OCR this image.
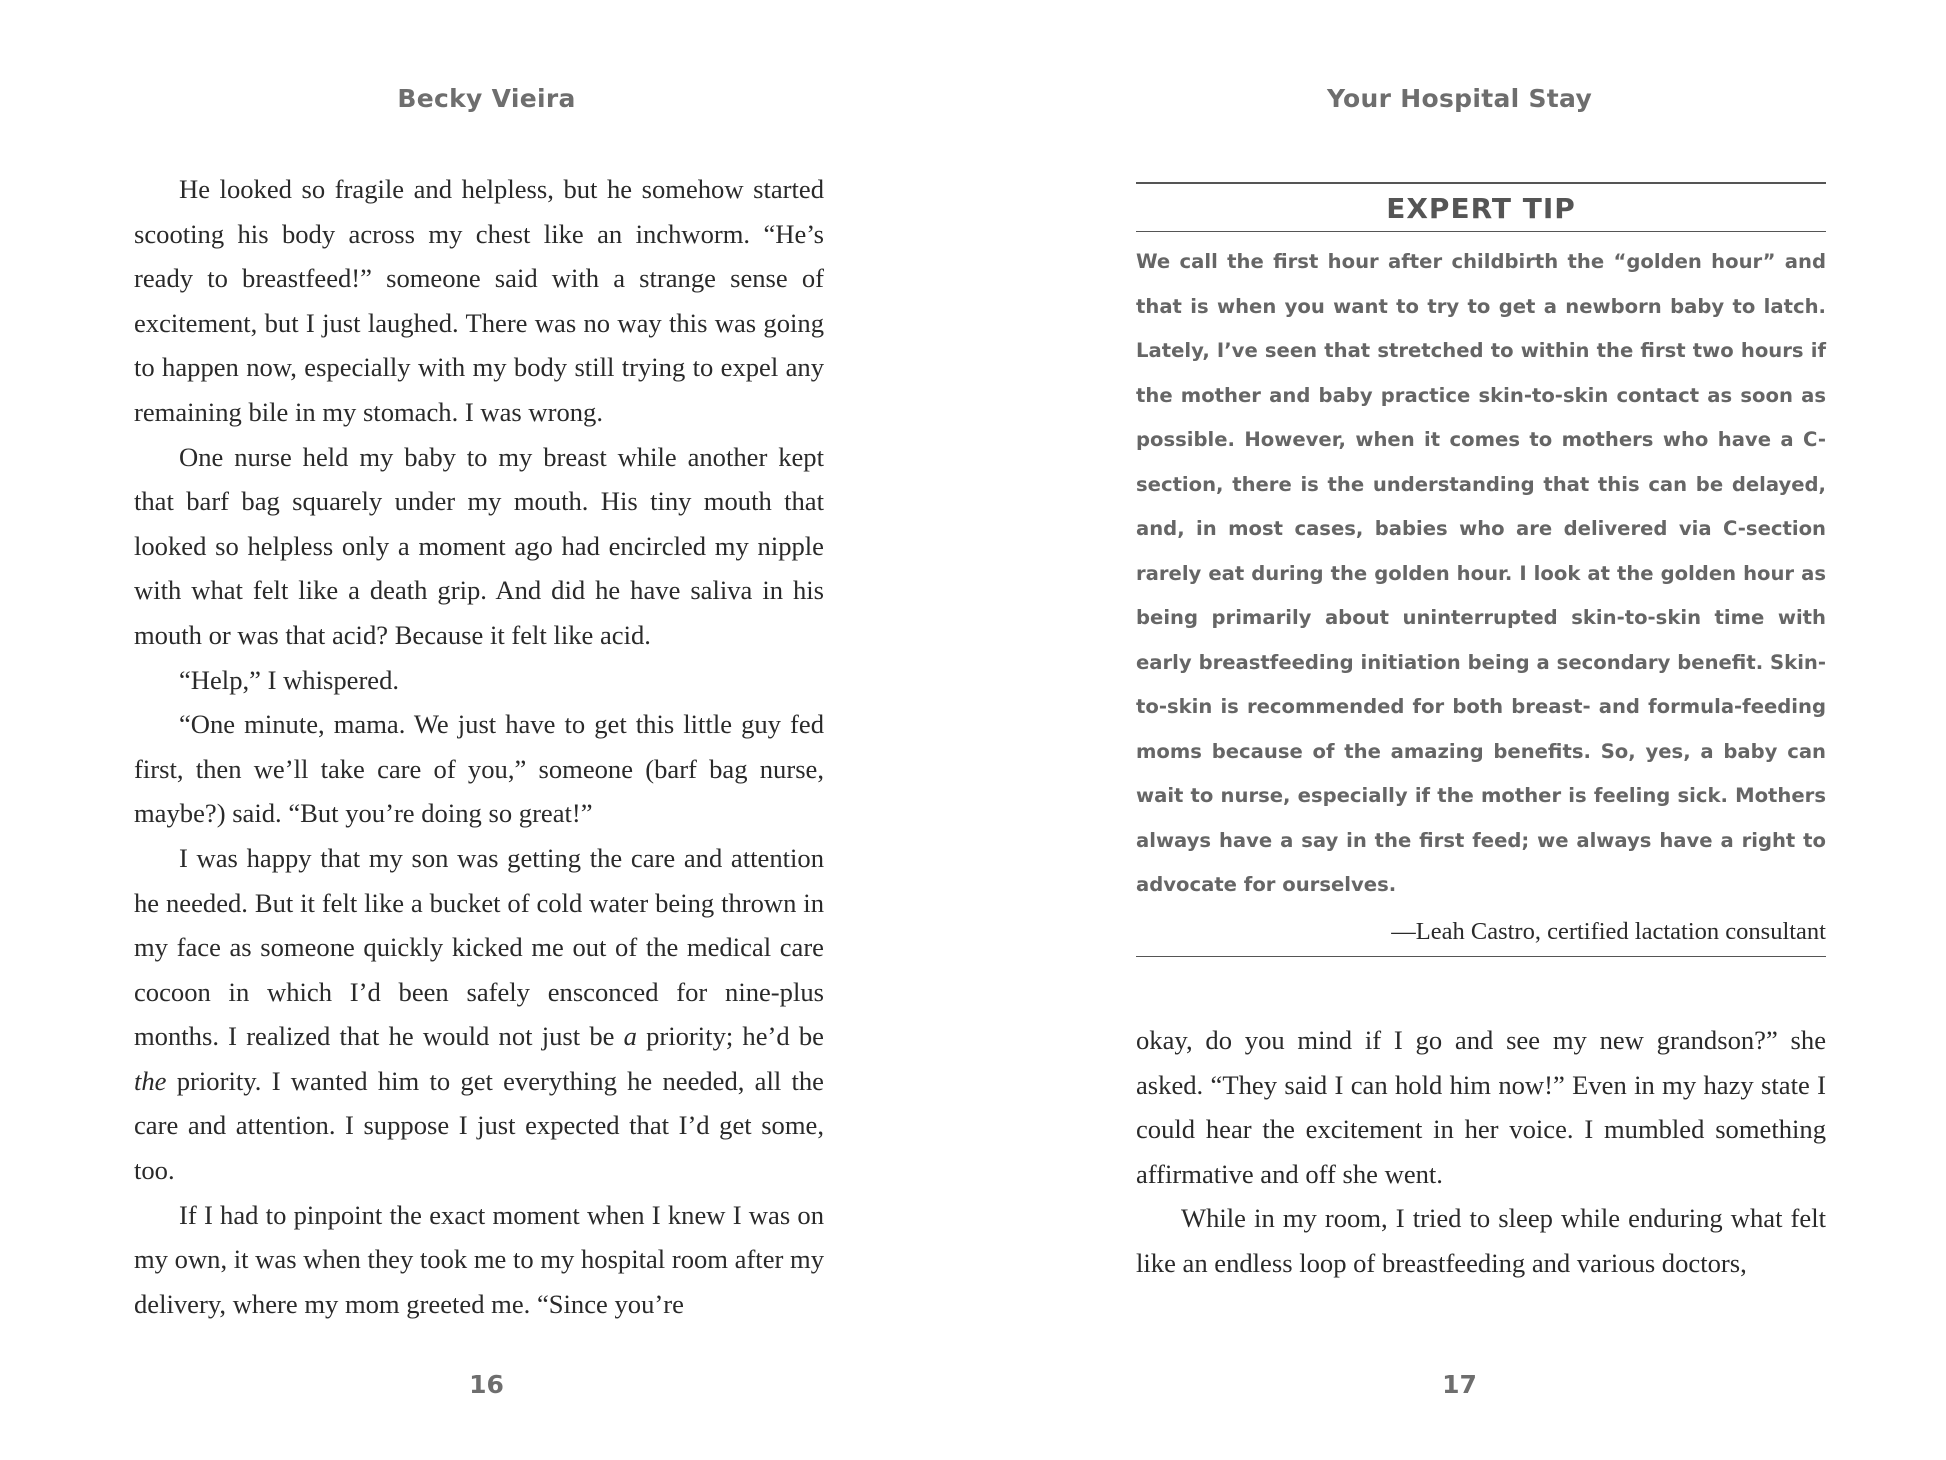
Becky Vieira

He looked so fragile and helpless, but he somehow started scooting his body across my chest like an inchworm. “He’s ready to breastfeed!” someone said with a strange sense of excitement, but I just laughed. There was no way this was going to happen now, especially with my body still trying to expel any remaining bile in my stomach. I was wrong.

One nurse held my baby to my breast while another kept that barf bag squarely under my mouth. His tiny mouth that looked so helpless only a moment ago had encircled my nipple with what felt like a death grip. And did he have saliva in his mouth or was that acid? Because it felt like acid.

“Help,” I whispered.

“One minute, mama. We just have to get this little guy fed first, then we’ll take care of you,” someone (barf bag nurse, maybe?) said. “But you’re doing so great!”

I was happy that my son was getting the care and attention he needed. But it felt like a bucket of cold water being thrown in my face as someone quickly kicked me out of the medical care cocoon in which I’d been safely ensconced for nine-plus months. I realized that he would not just be a priority; he’d be the priority. I wanted him to get everything he needed, all the care and attention. I suppose I just expected that I’d get some, too.

If I had to pinpoint the exact moment when I knew I was on my own, it was when they took me to my hospital room after my delivery, where my mom greeted me. “Since you’re

16
Your Hospital Stay
17
EXPERT TIP

We call the first hour after childbirth the “golden hour” and that is when you want to try to get a newborn baby to latch. Lately, I’ve seen that stretched to within the first two hours if the mother and baby practice skin-to-skin contact as soon as possible. However, when it comes to mothers who have a C-section, there is the understanding that this can be delayed, and, in most cases, babies who are delivered via C-section rarely eat during the golden hour. I look at the golden hour as being primarily about uninterrupted skin-to-skin time with early breastfeeding initiation being a secondary benefit. Skin-to-skin is recommended for both breast- and formula-feeding moms because of the amazing benefits. So, yes, a baby can wait to nurse, especially if the mother is feeling sick. Mothers always have a say in the first feed; we always have a right to advocate for ourselves.

—Leah Castro, certified lactation consultant

okay, do you mind if I go and see my new grandson?” she asked. “They said I can hold him now!” Even in my hazy state I could hear the excitement in her voice. I mumbled something affirmative and off she went.

While in my room, I tried to sleep while enduring what felt like an endless loop of breastfeeding and various doctors,
